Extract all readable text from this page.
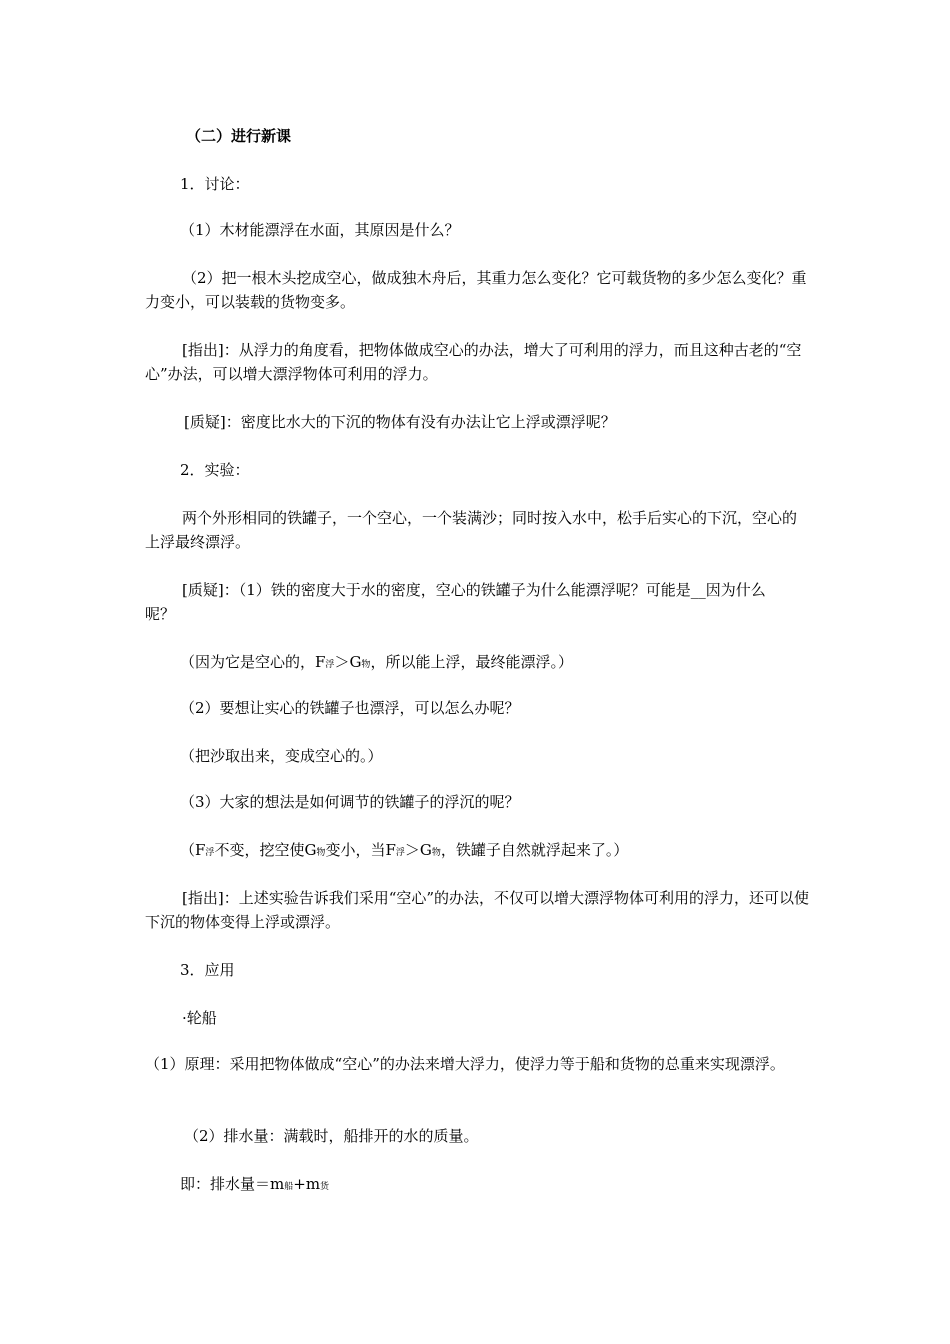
（二）进行新课
1．讨论：
（1）木材能漂浮在水面，其原因是什么？
（2）把一根木头挖成空心，做成独木舟后，其重力怎么变化？它可载货物的多少怎么变化？重力变小，可以装载的货物变多。
[指出]：从浮力的角度看，把物体做成空心的办法，增大了可利用的浮力，而且这种古老的“空心”办法，可以增大漂浮物体可利用的浮力。
[质疑]：密度比水大的下沉的物体有没有办法让它上浮或漂浮呢？
2．实验：
两个外形相同的铁罐子，一个空心，一个装满沙；同时按入水中，松手后实心的下沉，空心的上浮最终漂浮。
[质疑]：（1）铁的密度大于水的密度，空心的铁罐子为什么能漂浮呢？可能是__因为什么呢？
（因为它是空心的，F浮＞G物，所以能上浮，最终能漂浮。）
（2）要想让实心的铁罐子也漂浮，可以怎么办呢？
（把沙取出来，变成空心的。）
（3）大家的想法是如何调节的铁罐子的浮沉的呢？
（F浮不变，挖空使G物变小，当F浮＞G物，铁罐子自然就浮起来了。）
[指出]：上述实验告诉我们采用“空心”的办法，不仅可以增大漂浮物体可利用的浮力，还可以使下沉的物体变得上浮或漂浮。
3．应用
·轮船
（1）原理：采用把物体做成“空心”的办法来增大浮力，使浮力等于船和货物的总重来实现漂浮。
（2）排水量：满载时，船排开的水的质量。
即：排水量＝m船+m货
